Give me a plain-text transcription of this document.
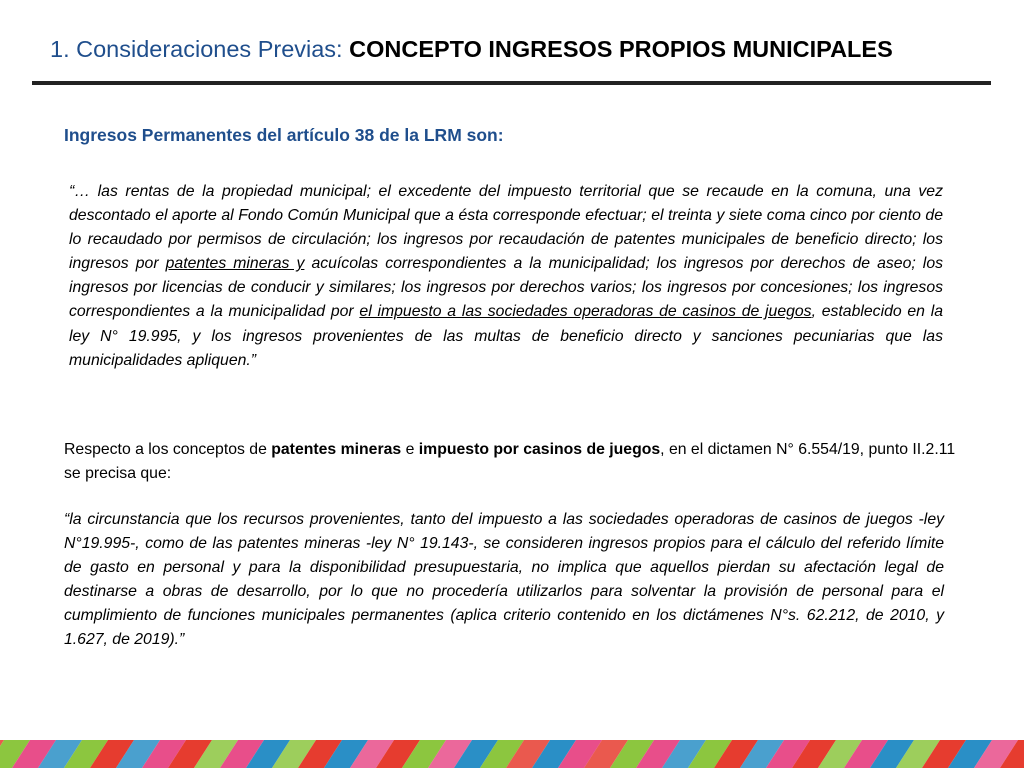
1. Consideraciones Previas: CONCEPTO INGRESOS PROPIOS MUNICIPALES
Ingresos Permanentes del artículo 38 de la LRM son:

“… las rentas de la propiedad municipal; el excedente del impuesto territorial que se recaude en la comuna, una vez descontado el aporte al Fondo Común Municipal que a ésta corresponde efectuar; el treinta y siete coma cinco por ciento de lo recaudado por permisos de circulación; los ingresos por recaudación de patentes municipales de beneficio directo; los ingresos por patentes mineras y acuícolas correspondientes a la municipalidad; los ingresos por derechos de aseo; los ingresos por licencias de conducir y similares; los ingresos por derechos varios; los ingresos por concesiones; los ingresos correspondientes a la municipalidad por el impuesto a las sociedades operadoras de casinos de juegos, establecido en la ley N° 19.995, y los ingresos provenientes de las multas de beneficio directo y sanciones pecuniarias que las municipalidades apliquen.”

Respecto a los conceptos de patentes mineras e impuesto por casinos de juegos, en el dictamen N° 6.554/19, punto II.2.11 se precisa que:

“la circunstancia que los recursos provenientes, tanto del impuesto a las sociedades operadoras de casinos de juegos -ley N°19.995-, como de las patentes mineras -ley N° 19.143-, se consideren ingresos propios para el cálculo del referido límite de gasto en personal y para la disponibilidad presupuestaria, no implica que aquellos pierdan su afectación legal de destinarse a obras de desarrollo, por lo que no procedería utilizarlos para solventar la provisión de personal para el cumplimiento de funciones municipales permanentes (aplica criterio contenido en los dictámenes N°s. 62.212, de 2010, y 1.627, de 2019).”
